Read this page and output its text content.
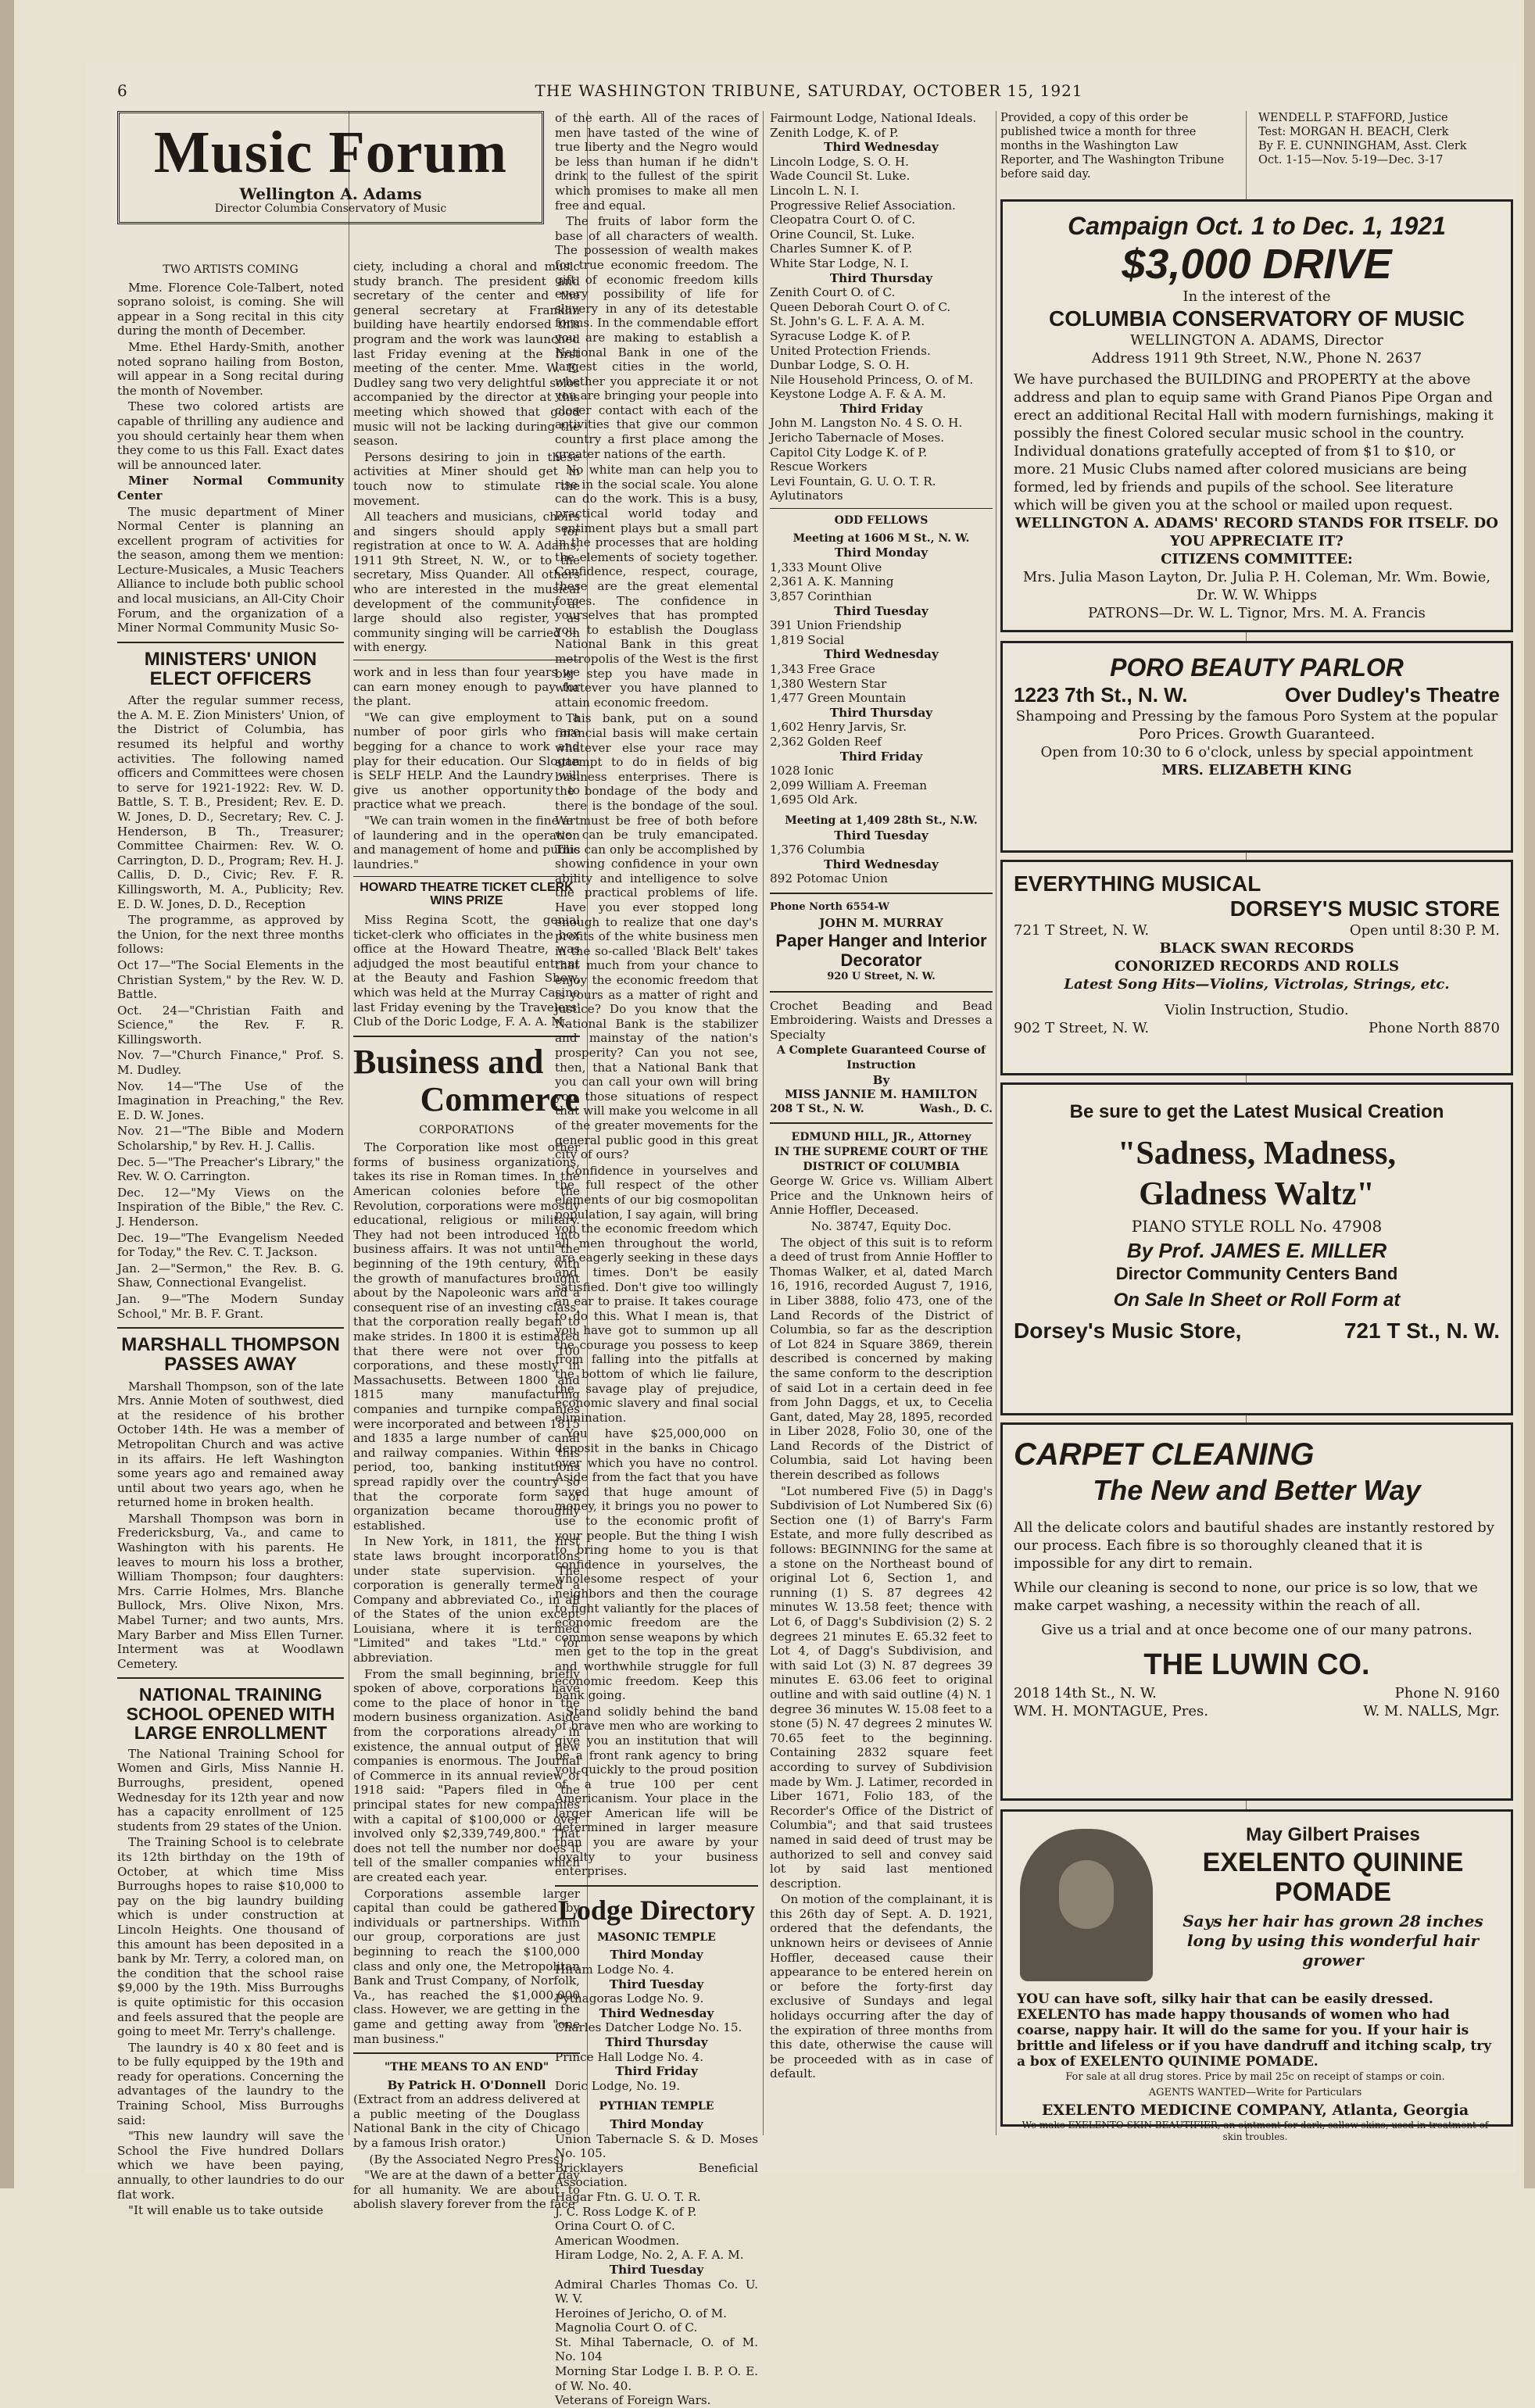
6	THE WASHINGTON TRIBUNE, SATURDAY, OCTOBER 15, 1921
Music Forum
Wellington A. Adams
Director Columbia Conservatory of Music
TWO ARTISTS COMING

Mme. Florence Cole-Talbert, noted soprano soloist, is coming. She will appear in a Song recital in this city during the month of December.

Mme. Ethel Hardy-Smith, another noted soprano hailing from Boston, will appear in a Song recital during the month of November.

These two colored artists are capable of thrilling any audience and you should certainly hear them when they come to us this Fall. Exact dates will be announced later.

Miner Normal Community Center

The music department of Miner Normal Center is planning an excellent program of activities for the season, among them we mention: Lecture-Musicales, a Music Teachers Alliance to include both public school and local musicians, an All-City Choir Forum, and the organization of a Miner Normal Community Music So-

MINISTERS' UNION ELECT OFFICERS

After the regular summer recess, the A. M. E. Zion Ministers' Union, of the District of Columbia, has resumed its helpful and worthy activities. The following named officers and Committees were chosen to serve for 1921-1922: Rev. W. D. Battle, S. T. B., President; Rev. E. D. W. Jones, D. D., Secretary; Rev. C. J. Henderson, B Th., Treasurer; Committee Chairmen: Rev. W. O. Carrington, D. D., Program; Rev. H. J. Callis, D. D., Civic; Rev. F. R. Killingsworth, M. A., Publicity; Rev. E. D. W. Jones, D. D., Reception

The programme, as approved by the Union, for the next three months follows:

Oct 17—"The Social Elements in the Christian System," by the Rev. W. D. Battle.

Oct. 24—"Christian Faith and Science," the Rev. F. R. Killingsworth.

Nov. 7—"Church Finance," Prof. S. M. Dudley.

Nov. 14—"The Use of the Imagination in Preaching," the Rev. E. D. W. Jones.

Nov. 21—"The Bible and Modern Scholarship," by Rev. H. J. Callis.

Dec. 5—"The Preacher's Library," the Rev. W. O. Carrington.

Dec. 12—"My Views on the Inspiration of the Bible," the Rev. C. J. Henderson.

Dec. 19—"The Evangelism Needed for Today," the Rev. C. T. Jackson.

Jan. 2—"Sermon," the Rev. B. G. Shaw, Connectional Evangelist.

Jan. 9—"The Modern Sunday School," Mr. B. F. Grant.

MARSHALL THOMPSON PASSES AWAY

Marshall Thompson, son of the late Mrs. Annie Moten of southwest, died at the residence of his brother October 14th. He was a member of Metropolitan Church and was active in its affairs. He left Washington some years ago and remained away until about two years ago, when he returned home in broken health.

Marshall Thompson was born in Fredericksburg, Va., and came to Washington with his parents. He leaves to mourn his loss a brother, William Thompson; four daughters: Mrs. Carrie Holmes, Mrs. Blanche Bullock, Mrs. Olive Nixon, Mrs. Mabel Turner; and two aunts, Mrs. Mary Barber and Miss Ellen Turner. Interment was at Woodlawn Cemetery.

NATIONAL TRAINING SCHOOL OPENED WITH LARGE ENROLLMENT

The National Training School for Women and Girls, Miss Nannie H. Burroughs, president, opened Wednesday for its 12th year and now has a capacity enrollment of 125 students from 29 states of the Union.

The Training School is to celebrate its 12th birthday on the 19th of October, at which time Miss Burroughs hopes to raise $10,000 to pay on the big laundry building which is under construction at Lincoln Heights. One thousand of this amount has been deposited in a bank by Mr. Terry, a colored man, on the condition that the school raise $9,000 by the 19th. Miss Burroughs is quite optimistic for this occasion and feels assured that the people are going to meet Mr. Terry's challenge.

The laundry is 40 x 80 feet and is to be fully equipped by the 19th and ready for operations. Concerning the advantages of the laundry to the Training School, Miss Burroughs said:

"This new laundry will save the School the Five hundred Dollars which we have been paying, annually, to other laundries to do our flat work.

"It will enable us to take outside

ciety, including a choral and music study branch. The president and secretary of the center and the general secretary at Franklin building have heartily endorsed this program and the work was launched last Friday evening at the first meeting of the center. Mme. W. E. Dudley sang two very delightful solos accompanied by the director at this meeting which showed that good music will not be lacking during the season.

Persons desiring to join in these activities at Miner should get in touch now to stimulate the movement.

All teachers and musicians, choirs and singers should apply for registration at once to W. A. Adams, 1911 9th Street, N. W., or to the secretary, Miss Quander. All others who are interested in the musical development of the community at large should also register, as community singing will be carried on with energy.

work and in less than four years we can earn money enough to pay for the plant.

"We can give employment to a number of poor girls who are begging for a chance to work and play for their education. Our Slogan is SELF HELP. And the Laundry will give us another opportunity to practice what we preach.

"We can train women in the fine art of laundering and in the operation and management of home and public laundries."

HOWARD THEATRE TICKET CLERK WINS PRIZE

Miss Regina Scott, the genial ticket-clerk who officiates in the box office at the Howard Theatre, was adjudged the most beautiful entrant at the Beauty and Fashion Show, which was held at the Murray Casino last Friday evening by the Travelers' Club of the Doric Lodge, F. A. A. M.

Business and
Commerce
CORPORATIONS

The Corporation like most other forms of business organizations, takes its rise in Roman times. In the American colonies before the Revolution, corporations were mostly educational, religious or military. They had not been introduced into business affairs. It was not until the beginning of the 19th century, with the growth of manufactures brought about by the Napoleonic wars and a consequent rise of an investing class, that the corporation really began to make strides. In 1800 it is estimated that there were not over 100 corporations, and these mostly in Massachusetts. Between 1800 and 1815 many manufacturing companies and turnpike companies were incorporated and between 1815 and 1835 a large number of canal and railway companies. Within this period, too, banking institutions spread rapidly over the country so that the corporate form of organization became thoroughly established.

In New York, in 1811, the first state laws brought incorporations under state supervision. The corporation is generally termed a Company and abbreviated Co., in all of the States of the union except Louisiana, where it is termed "Limited" and takes "Ltd." for abbreviation.

From the small beginning, briefly spoken of above, corporations have come to the place of honor in the modern business organization. Aside from the corporations already in existence, the annual output of new companies is enormous. The Journal of Commerce in its annual review of 1918 said: "Papers filed in the principal states for new companies with a capital of $100,000 or over involved only $2,339,749,800." That does not tell the number nor does it tell of the smaller companies which are created each year.

Corporations assemble larger capital than could be gathered by individuals or partnerships. Within our group, corporations are just beginning to reach the $100,000 class and only one, the Metropolitan Bank and Trust Company, of Norfolk, Va., has reached the $1,000,000 class. However, we are getting in the game and getting away from "one man business."

"THE MEANS TO AN END"
By Patrick H. O'Donnell

(Extract from an address delivered at a public meeting of the Douglass National Bank in the city of Chicago by a famous Irish orator.)

(By the Associated Negro Press)

"We are at the dawn of a better day for all humanity. We are about to abolish slavery forever from the face

of the earth. All of the races of men have tasted of the wine of true liberty and the Negro would be less than human if he didn't drink to the fullest of the spirit which promises to make all men free and equal.

The fruits of labor form the base of all characters of wealth. The possession of wealth makes for true economic freedom. The gift of economic freedom kills every possibility of life for slavery in any of its detestable forms. In the commendable effort you are making to establish a National Bank in one of the largest cities in the world, whether you appreciate it or not you are bringing your people into closer contact with each of the activities that give our common country a first place among the greater nations of the earth.

No white man can help you to rise in the social scale. You alone can do the work. This is a busy, practical world today and sentiment plays but a small part in the processes that are holding the elements of society together. Confidence, respect, courage, these are the great elemental forces. The confidence in yourselves that has prompted you to establish the Douglass National Bank in this great metropolis of the West is the first big step you have made in whatever you have planned to attain economic freedom.

This bank, put on a sound financial basis will make certain whatever else your race may attempt to do in fields of big business enterprises. There is the bondage of the body and there is the bondage of the soul. We must be free of both before we can be truly emancipated. This can only be accomplished by showing confidence in your own ability and intelligence to solve the practical problems of life. Have you ever stopped long enough to realize that one day's profits of the white business men in the so-called 'Black Belt' takes that much from your chance to enjoy the economic freedom that is yours as a matter of right and justice? Do you know that the National Bank is the stabilizer and mainstay of the nation's prosperity? Can you not see, then, that a National Bank that you can call your own will bring you those situations of respect that will make you welcome in all of the greater movements for the general public good in this great city of ours?

Confidence in yourselves and the full respect of the other elements of our big cosmopolitan population, I say again, will bring you the economic freedom which all men throughout the world, are eagerly seeking in these days and times. Don't be easily satisfied. Don't give too willingly an ear to praise. It takes courage to do this. What I mean is, that you have got to summon up all the courage you possess to keep from falling into the pitfalls at the bottom of which lie failure, the savage play of prejudice, economic slavery and final social elimination.

You have $25,000,000 on deposit in the banks in Chicago over which you have no control. Aside from the fact that you have saved that huge amount of money, it brings you no power to use to the economic profit of your people. But the thing I wish to bring home to you is that confidence in yourselves, the wholesome respect of your neighbors and then the courage to fight valiantly for the places of economic freedom are the common sense weapons by which men get to the top in the great and worthwhile struggle for full economic freedom. Keep this bank going.

Stand solidly behind the band of brave men who are working to give you an institution that will be a front rank agency to bring you quickly to the proud position of a true 100 per cent Americanism. Your place in the larger American life will be determined in larger measure than you are aware by your loyalty to your business enterprises.

Lodge Directory
MASONIC TEMPLE
Third Monday
Hiram Lodge No. 4.
Third Tuesday
Pythagoras Lodge No. 9.
Third Wednesday
Charles Datcher Lodge No. 15.
Third Thursday
Prince Hall Lodge No. 4.
Third Friday
Doric Lodge, No. 19.
PYTHIAN TEMPLE
Third Monday
Union Tabernacle S. & D. Moses No. 105.
Bricklayers Beneficial Association.
Hagar Ftn. G. U. O. T. R.
J. C. Ross Lodge K. of P.
Orina Court O. of C.
American Woodmen.
Hiram Lodge, No. 2, A. F. A. M.
Third Tuesday
Admiral Charles Thomas Co. U. W. V.
Heroines of Jericho, O. of M.
Magnolia Court O. of C.
St. Mihal Tabernacle, O. of M. No. 104
Morning Star Lodge I. B. P. O. E. of W. No. 40.
Veterans of Foreign Wars.
Fairmount Lodge, National Ideals.
Zenith Lodge, K. of P.
Third Wednesday
Lincoln Lodge, S. O. H.
Wade Council St. Luke.
Lincoln L. N. I.
Progressive Relief Association.
Cleopatra Court O. of C.
Orine Council, St. Luke.
Charles Sumner K. of P.
White Star Lodge, N. I.
Third Thursday
Zenith Court O. of C.
Queen Deborah Court O. of C.
St. John's G. L. F. A. A. M.
Syracuse Lodge K. of P.
United Protection Friends.
Dunbar Lodge, S. O. H.
Nile Household Princess, O. of M.
Keystone Lodge A. F. & A. M.
Third Friday
John M. Langston No. 4 S. O. H.
Jericho Tabernacle of Moses.
Capitol City Lodge K. of P.
Rescue Workers
Levi Fountain, G. U. O. T. R.
Aylutinators
ODD FELLOWS
Meeting at 1606 M St., N. W.
Third Monday
1,333 Mount Olive
2,361 A. K. Manning
3,857 Corinthian
Third Tuesday
391 Union Friendship
1,819 Social
Third Wednesday
1,343 Free Grace
1,380 Western Star
1,477 Green Mountain
Third Thursday
1,602 Henry Jarvis, Sr.
2,362 Golden Reef
Third Friday
1028 Ionic
2,099 William A. Freeman
1,695 Old Ark.
Meeting at 1,409 28th St., N.W.
Third Tuesday
1,376 Columbia
Third Wednesday
892 Potomac Union

Phone North 6554-W

JOHN M. MURRAY
Paper Hanger and Interior Decorator
920 U Street, N. W.

Crochet Beading and Bead Embroidering. Waists and Dresses a Specialty

A Complete Guaranteed Course of Instruction
By
MISS JANNIE M. HAMILTON
208 T St., N. W.	Wash., D. C.
EDMUND HILL, JR., Attorney
IN THE SUPREME COURT OF THE DISTRICT OF COLUMBIA

George W. Grice vs. William Albert Price and the Unknown heirs of Annie Hoffler, Deceased.

No. 38747, Equity Doc.

The object of this suit is to reform a deed of trust from Annie Hoffler to Thomas Walker, et al, dated March 16, 1916, recorded August 7, 1916, in Liber 3888, folio 473, one of the Land Records of the District of Columbia, so far as the description of Lot 824 in Square 3869, therein described is concerned by making the same conform to the description of said Lot in a certain deed in fee from John Daggs, et ux, to Cecelia Gant, dated, May 28, 1895, recorded in Liber 2028, Folio 30, one of the Land Records of the District of Columbia, said Lot having been therein described as follows

"Lot numbered Five (5) in Dagg's Subdivision of Lot Numbered Six (6) Section one (1) of Barry's Farm Estate, and more fully described as follows: BEGINNING for the same at a stone on the Northeast bound of original Lot 6, Section 1, and running (1) S. 87 degrees 42 minutes W. 13.58 feet; thence with Lot 6, of Dagg's Subdivision (2) S. 2 degrees 21 minutes E. 65.32 feet to Lot 4, of Dagg's Subdivision, and with said Lot (3) N. 87 degrees 39 minutes E. 63.06 feet to original outline and with said outline (4) N. 1 degree 36 minutes W. 15.08 feet to a stone (5) N. 47 degrees 2 minutes W. 70.65 feet to the beginning. Containing 2832 square feet according to survey of Subdivision made by Wm. J. Latimer, recorded in Liber 1671, Folio 183, of the Recorder's Office of the District of Columbia"; and that said trustees named in said deed of trust may be authorized to sell and convey said lot by said last mentioned description.

On motion of the complainant, it is this 26th day of Sept. A. D. 1921, ordered that the defendants, the unknown heirs or devisees of Annie Hoffler, deceased cause their appearance to be entered herein on or before the forty-first day exclusive of Sundays and legal holidays occurring after the day of the expiration of three months from this date, otherwise the cause will be proceeded with as in case of default.

Provided, a copy of this order be published twice a month for three months in the Washington Law Reporter, and The Washington Tribune before said day.

WENDELL P. STAFFORD, Justice
Test: MORGAN H. BEACH, Clerk
By F. E. CUNNINGHAM, Asst. Clerk
Oct. 1-15—Nov. 5-19—Dec. 3-17
Campaign Oct. 1 to Dec. 1, 1921
$3,000 DRIVE
In the interest of the
COLUMBIA CONSERVATORY OF MUSIC
WELLINGTON A. ADAMS, Director
Address 1911 9th Street, N.W., Phone N. 2637
We have purchased the BUILDING and PROPERTY at the above address and plan to equip same with Grand Pianos Pipe Organ and erect an additional Recital Hall with modern furnishings, making it possibly the finest Colored secular music school in the country.
Individual donations gratefully accepted of from $1 to $10, or more. 21 Music Clubs named after colored musicians are being formed, led by friends and pupils of the school. See literature which will be given you at the school or mailed upon request.
WELLINGTON A. ADAMS' RECORD STANDS FOR ITSELF. DO YOU APPRECIATE IT?
CITIZENS COMMITTEE:
Mrs. Julia Mason Layton, Dr. Julia P. H. Coleman, Mr. Wm. Bowie, Dr. W. W. Whipps
PATRONS—Dr. W. L. Tignor, Mrs. M. A. Francis
PORO BEAUTY PARLOR
1223 7th St., N. W.	Over Dudley's Theatre
Shampoing and Pressing by the famous Poro System at the popular Poro Prices. Growth Guaranteed.
Open from 10:30 to 6 o'clock, unless by special appointment
MRS. ELIZABETH KING
EVERYTHING MUSICAL
DORSEY'S MUSIC STORE
721 T Street, N. W.	Open until 8:30 P. M.
BLACK SWAN RECORDS
CONORIZED RECORDS AND ROLLS
Latest Song Hits—Violins, Victrolas, Strings, etc.
Violin Instruction, Studio.
902 T Street, N. W.	Phone North 8870
Be sure to get the Latest Musical Creation
"Sadness, Madness,
Gladness Waltz"
PIANO STYLE ROLL No. 47908
By Prof. JAMES E. MILLER
Director Community Centers Band
On Sale In Sheet or Roll Form at
Dorsey's Music Store,	721 T St., N. W.
CARPET CLEANING
The New and Better Way
All the delicate colors and bautiful shades are instantly restored by our process. Each fibre is so thoroughly cleaned that it is impossible for any dirt to remain.
While our cleaning is second to none, our price is so low, that we make carpet washing, a necessity within the reach of all.
Give us a trial and at once become one of our many patrons.
THE LUWIN CO.
2018 14th St., N. W.	Phone N. 9160
WM. H. MONTAGUE, Pres.	W. M. NALLS, Mgr.
May Gilbert Praises
EXELENTO QUININE
POMADE
Says her hair has grown 28 inches long by using this wonderful hair grower
YOU can have soft, silky hair that can be easily dressed. EXELENTO has made happy thousands of women who had coarse, nappy hair. It will do the same for you. If your hair is brittle and lifeless or if you have dandruff and itching scalp, try a box of EXELENTO QUINIME POMADE.
For sale at all drug stores. Price by mail 25c on receipt of stamps or coin.
AGENTS WANTED—Write for Particulars
EXELENTO MEDICINE COMPANY, Atlanta, Georgia
We make EXELENTO SKIN BEAUTIFIER, an ointment for dark, sallow skins, used in treatment of skin troubles.
